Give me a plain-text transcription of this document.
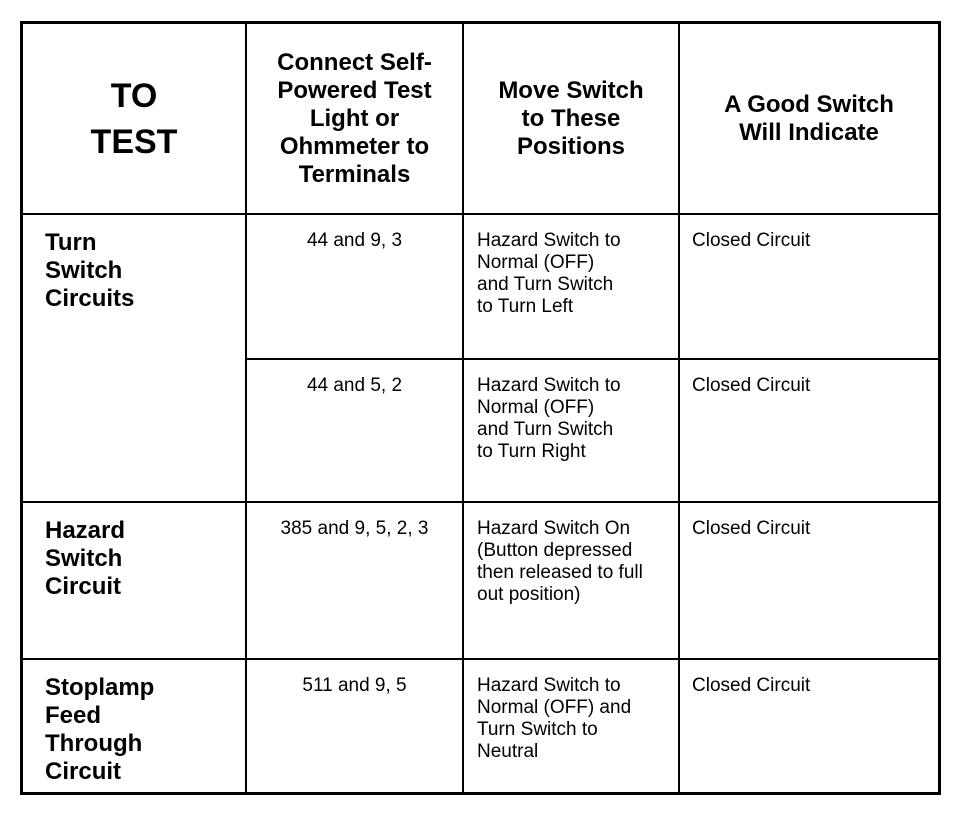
TO
TEST	Connect Self-
Powered Test
Light or
Ohmmeter to
Terminals	Move Switch
to These
Positions	A Good Switch
Will Indicate
Turn
Switch
Circuits	44 and 9, 3	Hazard Switch to
Normal (OFF)
and Turn Switch
to Turn Left	Closed Circuit
	44 and 5, 2	Hazard Switch to
Normal (OFF)
and Turn Switch
to Turn Right	Closed Circuit
Hazard
Switch
Circuit	385 and 9, 5, 2, 3	Hazard Switch On
(Button depressed
then released to full
out position)	Closed Circuit
Stoplamp
Feed
Through
Circuit	511 and 9, 5	Hazard Switch to
Normal (OFF) and
Turn Switch to
Neutral	Closed Circuit
